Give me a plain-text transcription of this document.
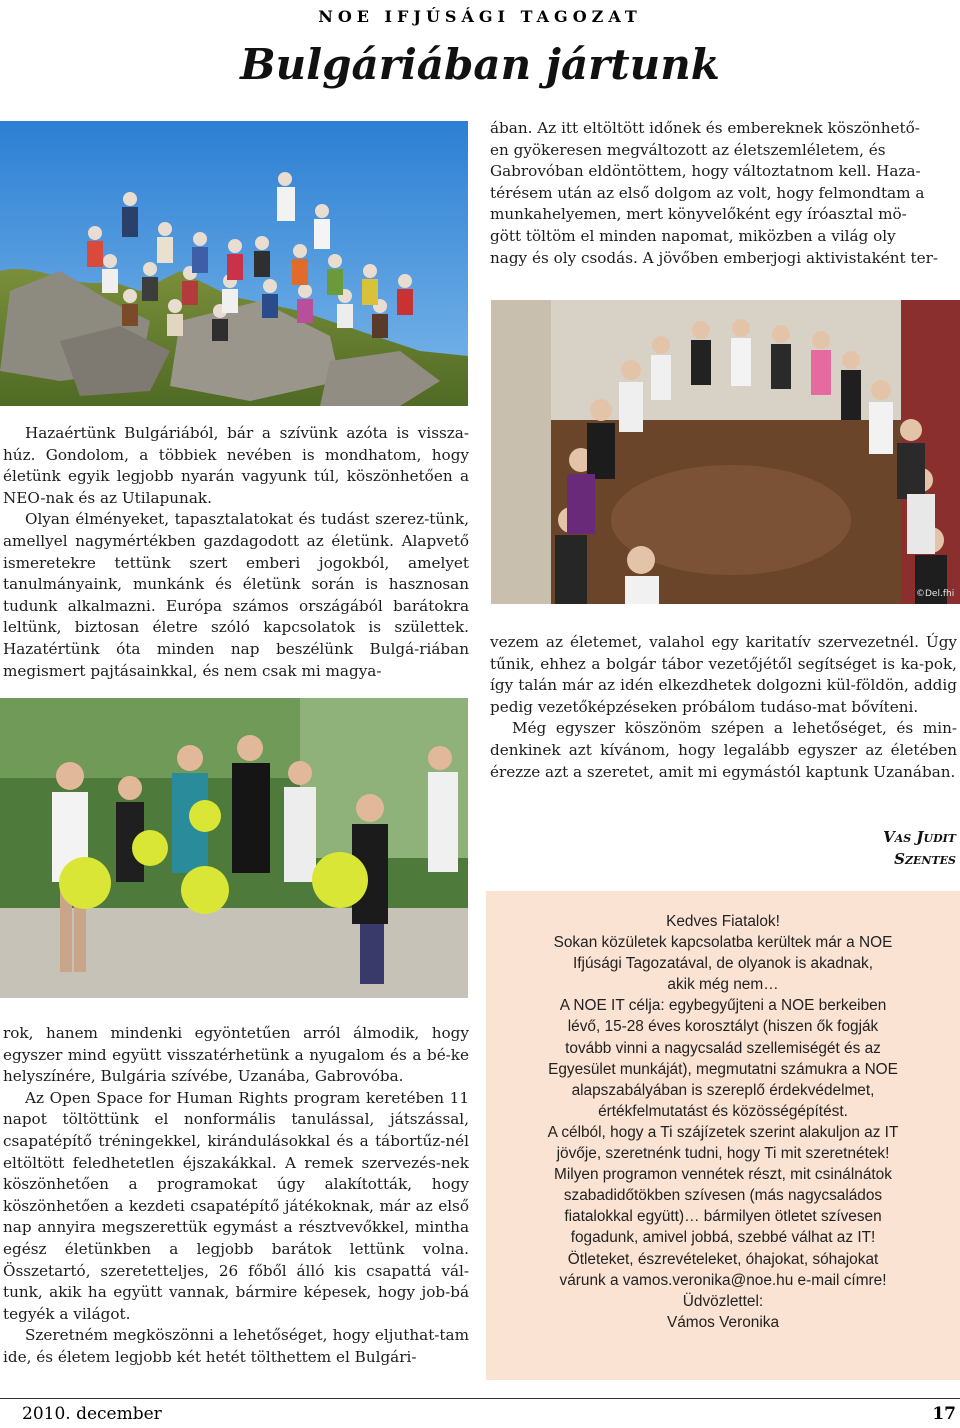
NOE IFJÚSÁGI TAGOZAT
Bulgáriában jártunk

ában. Az itt eltöltött időnek és embereknek köszönhető-

en gyökeresen megváltozott az életszemléletem, és

Gabrovóban eldöntöttem, hogy változtatnom kell. Haza-

térésem után az első dolgom az volt, hogy felmondtam a

munkahelyemen, mert könyvelőként egy íróasztal mö-

gött töltöm el minden napomat, miközben a világ oly

nagy és oly csodás. A jövőben emberjogi aktivistaként ter-

©Del.fhi

Hazaértünk Bulgáriából, bár a szívünk azóta is vissza-húz. Gondolom, a többiek nevében is mondhatom, hogy életünk egyik legjobb nyarán vagyunk túl, köszönhetően a NEO-nak és az Utilapunak.

Olyan élményeket, tapasztalatokat és tudást szerez-tünk, amellyel nagymértékben gazdagodott az életünk. Alapvető ismeretekre tettünk szert emberi jogokból, amelyet tanulmányaink, munkánk és életünk során is hasznosan tudunk alkalmazni. Európa számos országából barátokra leltünk, biztosan életre szóló kapcsolatok is születtek. Hazatértünk óta minden nap beszélünk Bulgá-riában megismert pajtásainkkal, és nem csak mi magya-

vezem az életemet, valahol egy karitatív szervezetnél. Úgy tűnik, ehhez a bolgár tábor vezetőjétől segítséget is ka-pok, így talán már az idén elkezdhetek dolgozni kül-földön, addig pedig vezetőképzéseken próbálom tudáso-mat bővíteni.

Még egyszer köszönöm szépen a lehetőséget, és min-denkinek azt kívánom, hogy legalább egyszer az életében érezze azt a szeretet, amit mi egymástól kaptunk Uzanában.

Vas Judit
Szentes

rok, hanem mindenki egyöntetűen arról álmodik, hogy egyszer mind együtt visszatérhetünk a nyugalom és a bé-ke helyszínére, Bulgária szívébe, Uzanába, Gabrovóba.

Az Open Space for Human Rights program keretében 11 napot töltöttünk el nonformális tanulással, játszással, csapatépítő tréningekkel, kirándulásokkal és a tábortűz-nél eltöltött feledhetetlen éjszakákkal. A remek szervezés-nek köszönhetően a programokat úgy alakították, hogy köszönhetően a kezdeti csapatépítő játékoknak, már az első nap annyira megszerettük egymást a résztvevőkkel, mintha egész életünkben a legjobb barátok lettünk volna. Összetartó, szeretetteljes, 26 főből álló kis csapattá vál-tunk, akik ha együtt vannak, bármire képesek, hogy job-bá tegyék a világot.

Szeretném megköszönni a lehetőséget, hogy eljuthat-tam ide, és életem legjobb két hetét tölthettem el Bulgári-

Kedves Fiatalok!

Sokan közületek kapcsolatba kerültek már a NOE

Ifjúsági Tagozatával, de olyanok is akadnak,

akik még nem…

A NOE IT célja: egybegyűjteni a NOE berkeiben

lévő, 15-28 éves korosztályt (hiszen ők fogják

tovább vinni a nagycsalád szellemiségét és az

Egyesület munkáját), megmutatni számukra a NOE

alapszabályában is szereplő érdekvédelmet,

értékfelmutatást és közösségépítést.

A célból, hogy a Ti szájízetek szerint alakuljon az IT

jövője, szeretnénk tudni, hogy Ti mit szeretnétek!

Milyen programon vennétek részt, mit csinálnátok

szabadidőtökben szívesen (más nagycsaládos

fiatalokkal együtt)… bármilyen ötletet szívesen

fogadunk, amivel jobbá, szebbé válhat az IT!

Ötleteket, észrevételeket, óhajokat, sóhajokat

várunk a vamos.veronika@noe.hu e-mail címre!

Üdvözlettel:

Vámos Veronika

2010. december	17
